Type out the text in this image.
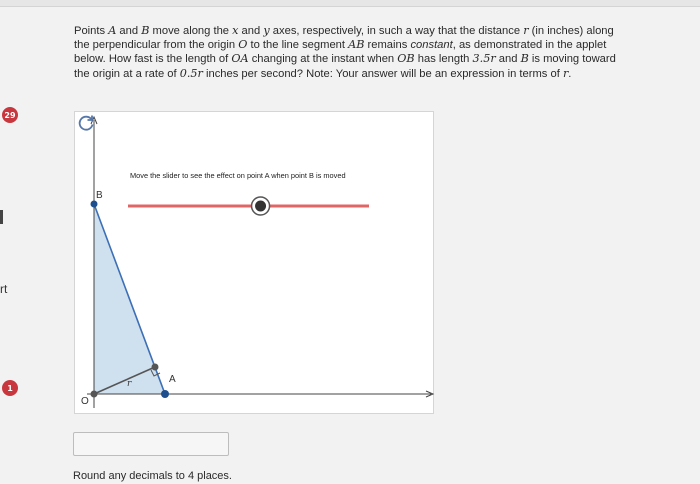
29
rt
1
Points A and B move along the x and y axes, respectively, in such a way that the distance r (in inches) along the perpendicular from the origin O to the line segment AB remains constant, as demonstrated in the applet below. How fast is the length of OA changing at the instant when OB has length 3.5r and B is moving toward the origin at a rate of 0.5r inches per second? Note: Your answer will be an expression in terms of r.
Move the slider to see the effect on point A when point B is moved
B
A
r
O
Round any decimals to 4 places.
